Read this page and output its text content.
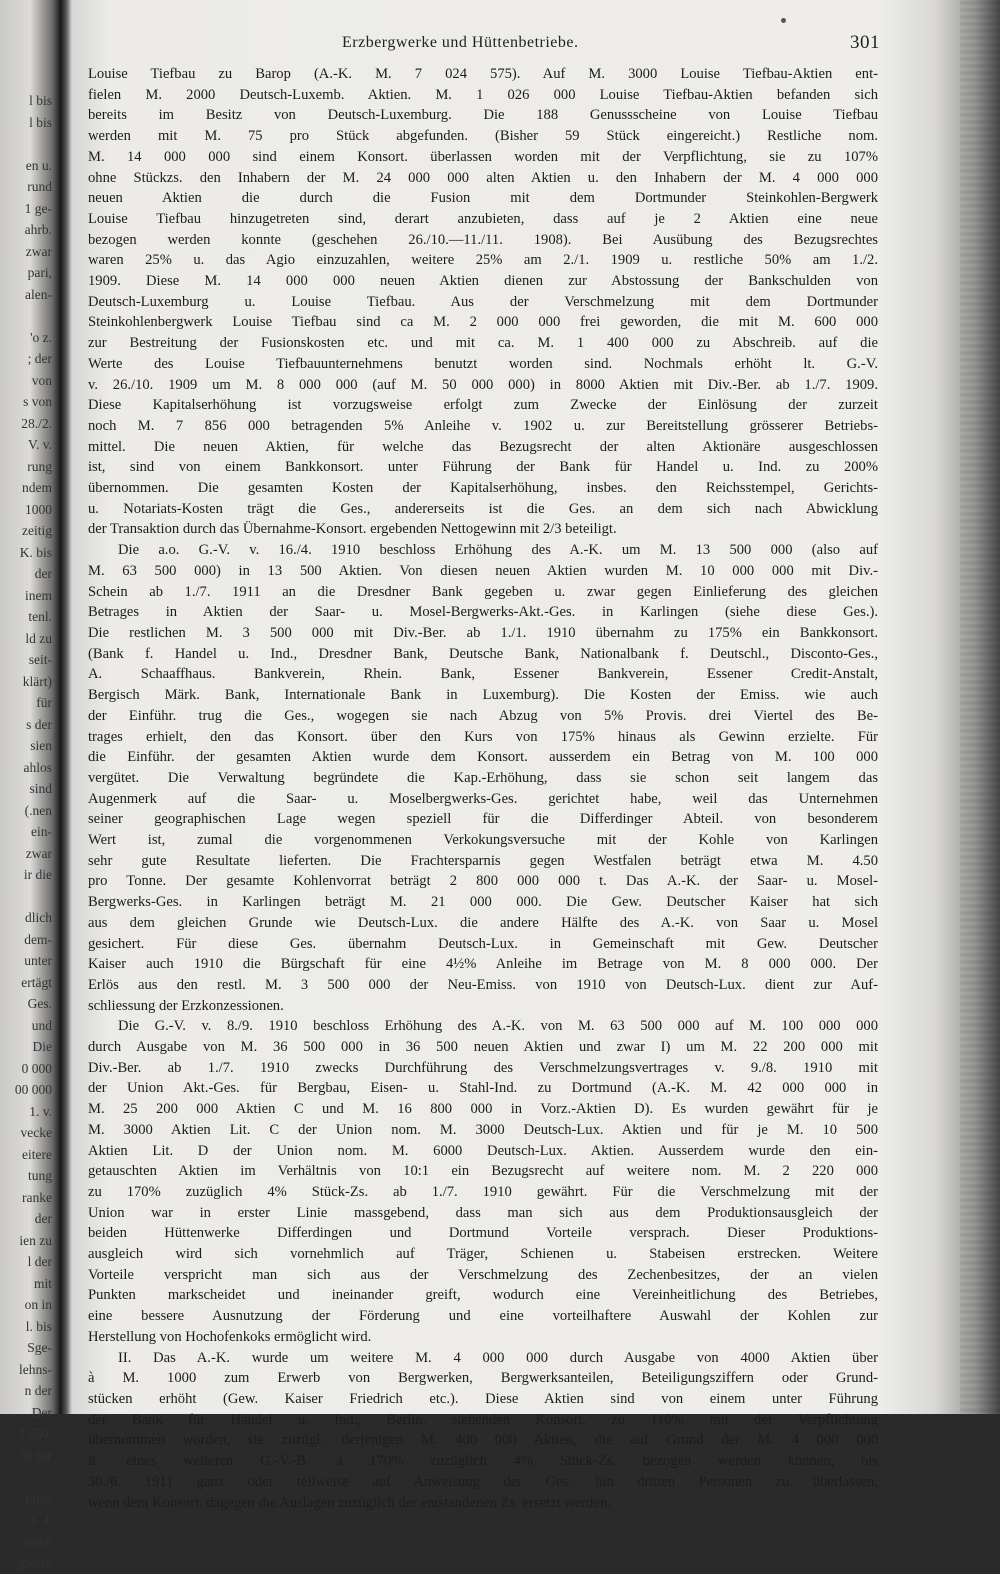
l bis
l bis
en u.
rund
1 ge-
ahrb.
zwar
pari,
alen-
'o z.
; der
von
s von
28./2.
V. v.
rung
ndem
1000
zeitig
K. bis
der
inem
tenl.
ld zu
seit-
klärt)
für
s der
sien
ahlos
sind
(.nen
ein-
zwar
ir die
dlich
dem-
unter
ertägt
Ges.
und
Die
0 000
00 000
1. v.
vecke
eitere
tung
ranke
der
ien zu
l der
mit
on in
l. bis
Sge-
lehns-
n der
Der
3 630.
30 für
(also
1. J.
enten
gwerk
Erzbergwerke und Hüttenbetriebe.	301
Louise Tiefbau zu Barop (A.-K. M. 7 024 575). Auf M. 3000 Louise Tiefbau-Aktien ent-
fielen M. 2000 Deutsch-Luxemb. Aktien. M. 1 026 000 Louise Tiefbau-Aktien befanden sich
bereits im Besitz von Deutsch-Luxemburg. Die 188 Genussscheine von Louise Tiefbau
werden mit M. 75 pro Stück abgefunden. (Bisher 59 Stück eingereicht.) Restliche nom.
M. 14 000 000 sind einem Konsort. überlassen worden mit der Verpflichtung, sie zu 107%
ohne Stückzs. den Inhabern der M. 24 000 000 alten Aktien u. den Inhabern der M. 4 000 000
neuen Aktien die durch die Fusion mit dem Dortmunder Steinkohlen-Bergwerk
Louise Tiefbau hinzugetreten sind, derart anzubieten, dass auf je 2 Aktien eine neue
bezogen werden konnte (geschehen 26./10.—11./11. 1908). Bei Ausübung des Bezugsrechtes
waren 25% u. das Agio einzuzahlen, weitere 25% am 2./1. 1909 u. restliche 50% am 1./2.
1909. Diese M. 14 000 000 neuen Aktien dienen zur Abstossung der Bankschulden von
Deutsch-Luxemburg u. Louise Tiefbau. Aus der Verschmelzung mit dem Dortmunder
Steinkohlenbergwerk Louise Tiefbau sind ca M. 2 000 000 frei geworden, die mit M. 600 000
zur Bestreitung der Fusionskosten etc. und mit ca. M. 1 400 000 zu Abschreib. auf die
Werte des Louise Tiefbauunternehmens benutzt worden sind. Nochmals erhöht lt. G.-V.
v. 26./10. 1909 um M. 8 000 000 (auf M. 50 000 000) in 8000 Aktien mit Div.-Ber. ab 1./7. 1909.
Diese Kapitalserhöhung ist vorzugsweise erfolgt zum Zwecke der Einlösung der zurzeit
noch M. 7 856 000 betragenden 5% Anleihe v. 1902 u. zur Bereitstellung grösserer Betriebs-
mittel. Die neuen Aktien, für welche das Bezugsrecht der alten Aktionäre ausgeschlossen
ist, sind von einem Bankkonsort. unter Führung der Bank für Handel u. Ind. zu 200%
übernommen. Die gesamten Kosten der Kapitalserhöhung, insbes. den Reichsstempel, Gerichts-
u. Notariats-Kosten trägt die Ges., andererseits ist die Ges. an dem sich nach Abwicklung
der Transaktion durch das Übernahme-Konsort. ergebenden Nettogewinn mit 2/3 beteiligt.
Die a.o. G.-V. v. 16./4. 1910 beschloss Erhöhung des A.-K. um M. 13 500 000 (also auf
M. 63 500 000) in 13 500 Aktien. Von diesen neuen Aktien wurden M. 10 000 000 mit Div.-
Schein ab 1./7. 1911 an die Dresdner Bank gegeben u. zwar gegen Einlieferung des gleichen
Betrages in Aktien der Saar- u. Mosel-Bergwerks-Akt.-Ges. in Karlingen (siehe diese Ges.).
Die restlichen M. 3 500 000 mit Div.-Ber. ab 1./1. 1910 übernahm zu 175% ein Bankkonsort.
(Bank f. Handel u. Ind., Dresdner Bank, Deutsche Bank, Nationalbank f. Deutschl., Disconto-Ges.,
A. Schaaffhaus. Bankverein, Rhein. Bank, Essener Bankverein, Essener Credit-Anstalt,
Bergisch Märk. Bank, Internationale Bank in Luxemburg). Die Kosten der Emiss. wie auch
der Einführ. trug die Ges., wogegen sie nach Abzug von 5% Provis. drei Viertel des Be-
trages erhielt, den das Konsort. über den Kurs von 175% hinaus als Gewinn erzielte. Für
die Einführ. der gesamten Aktien wurde dem Konsort. ausserdem ein Betrag von M. 100 000
vergütet. Die Verwaltung begründete die Kap.-Erhöhung, dass sie schon seit langem das
Augenmerk auf die Saar- u. Moselbergwerks-Ges. gerichtet habe, weil das Unternehmen
seiner geographischen Lage wegen speziell für die Differdinger Abteil. von besonderem
Wert ist, zumal die vorgenommenen Verkokungsversuche mit der Kohle von Karlingen
sehr gute Resultate lieferten. Die Frachtersparnis gegen Westfalen beträgt etwa M. 4.50
pro Tonne. Der gesamte Kohlenvorrat beträgt 2 800 000 000 t. Das A.-K. der Saar- u. Mosel-
Bergwerks-Ges. in Karlingen beträgt M. 21 000 000. Die Gew. Deutscher Kaiser hat sich
aus dem gleichen Grunde wie Deutsch-Lux. die andere Hälfte des A.-K. von Saar u. Mosel
gesichert. Für diese Ges. übernahm Deutsch-Lux. in Gemeinschaft mit Gew. Deutscher
Kaiser auch 1910 die Bürgschaft für eine 4½% Anleihe im Betrage von M. 8 000 000. Der
Erlös aus den restl. M. 3 500 000 der Neu-Emiss. von 1910 von Deutsch-Lux. dient zur Auf-
schliessung der Erzkonzessionen.
Die G.-V. v. 8./9. 1910 beschloss Erhöhung des A.-K. von M. 63 500 000 auf M. 100 000 000
durch Ausgabe von M. 36 500 000 in 36 500 neuen Aktien und zwar I) um M. 22 200 000 mit
Div.-Ber. ab 1./7. 1910 zwecks Durchführung des Verschmelzungsvertrages v. 9./8. 1910 mit
der Union Akt.-Ges. für Bergbau, Eisen- u. Stahl-Ind. zu Dortmund (A.-K. M. 42 000 000 in
M. 25 200 000 Aktien C und M. 16 800 000 in Vorz.-Aktien D). Es wurden gewährt für je
M. 3000 Aktien Lit. C der Union nom. M. 3000 Deutsch-Lux. Aktien und für je M. 10 500
Aktien Lit. D der Union nom. M. 6000 Deutsch-Lux. Aktien. Ausserdem wurde den ein-
getauschten Aktien im Verhältnis von 10:1 ein Bezugsrecht auf weitere nom. M. 2 220 000
zu 170% zuzüglich 4% Stück-Zs. ab 1./7. 1910 gewährt. Für die Verschmelzung mit der
Union war in erster Linie massgebend, dass man sich aus dem Produktionsausgleich der
beiden Hüttenwerke Differdingen und Dortmund Vorteile versprach. Dieser Produktions-
ausgleich wird sich vornehmlich auf Träger, Schienen u. Stabeisen erstrecken. Weitere
Vorteile verspricht man sich aus der Verschmelzung des Zechenbesitzes, der an vielen
Punkten markscheidet und ineinander greift, wodurch eine Vereinheitlichung des Betriebes,
eine bessere Ausnutzung der Förderung und eine vorteilhaftere Auswahl der Kohlen zur
Herstellung von Hochofenkoks ermöglicht wird.
II. Das A.-K. wurde um weitere M. 4 000 000 durch Ausgabe von 4000 Aktien über
à M. 1000 zum Erwerb von Bergwerken, Bergwerksanteilen, Beteiligungsziffern oder Grund-
stücken erhöht (Gew. Kaiser Friedrich etc.). Diese Aktien sind von einem unter Führung
der Bank für Handel u. Ind., Berlin, stehenden Konsort. zu 110% mit der Verpflichtung
übernommen worden, sie zuzügl. derjenigen M. 400 000 Aktien, die auf Grund der M. 4 000 000
lt. eines weiteren G.-V.-B. à 170% zuzüglich 4% Stück-Zs. bezogen werden können, bis
30./6. 1911 ganz oder teilweise auf Anweisung der Ges. hin dritten Personen zu überlassen,
wenn dem Konsort. dagegen die Auslagen zuzüglich der entstandenen Zs. ersetzt werden.
